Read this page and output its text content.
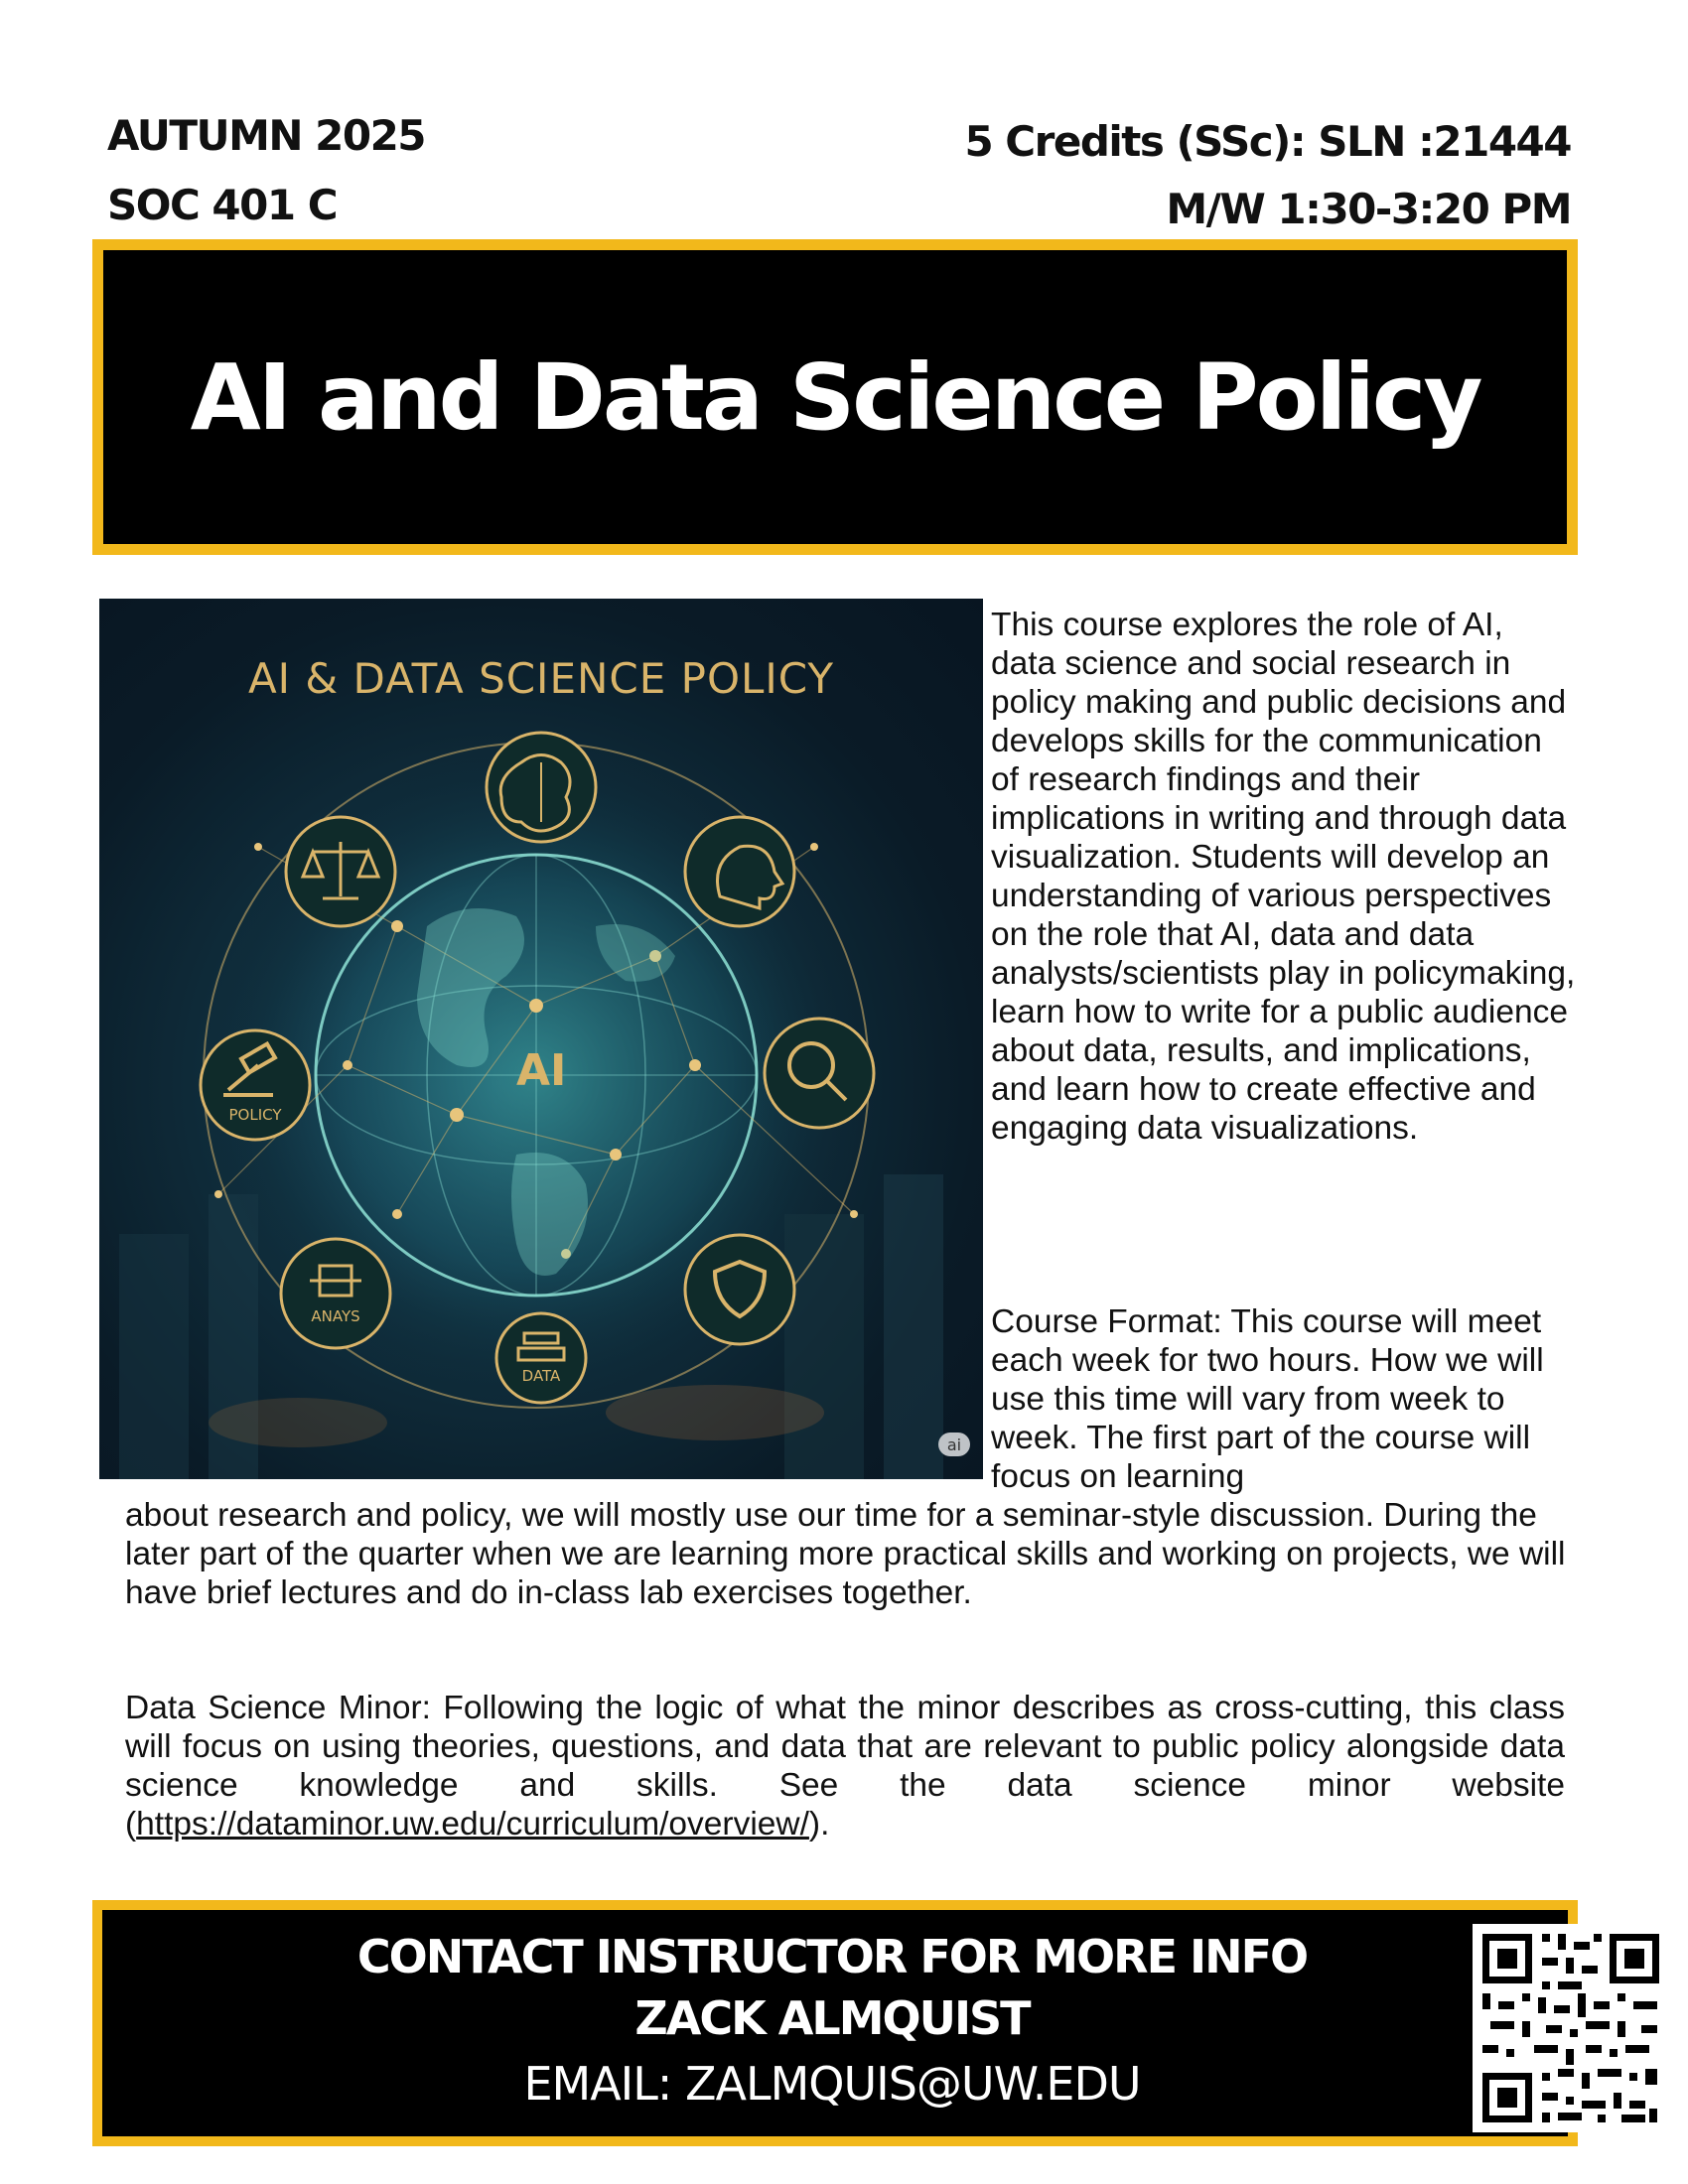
AUTUMN 2025
SOC 401 C
5 Credits (SSc): SLN :21444
M/W 1:30-3:20 PM
AI and Data Science Policy
AI
AI & DATA SCIENCE POLICY
POLICY
ANAYS
DATA
ai

This course explores the role of AI, data science and social research in policy making and public decisions and develops skills for the communication of research findings and their implications in writing and through data visualization. Students will develop an understanding of various perspectives on the role that AI, data and data analysts/scientists play in policymaking, learn how to write for a public audience about data, results, and implications, and learn how to create effective and engaging data visualizations.

Course Format: This course will meet each week for two hours. How we will use this time will vary from week to week. The first part of the course will focus on learning

about research and policy, we will mostly use our time for a seminar-style discussion. During the later part of the quarter when we are learning more practical skills and working on projects, we will have brief lectures and do in-class lab exercises together.

Data Science Minor: Following the logic of what the minor describes as cross-cutting, this class will focus on using theories, questions, and data that are relevant to public policy alongside data science knowledge and skills. See the data science minor website (https://dataminor.uw.edu/curriculum/overview/).

CONTACT INSTRUCTOR FOR MORE INFO
ZACK ALMQUIST
EMAIL: ZALMQUIS@UW.EDU
